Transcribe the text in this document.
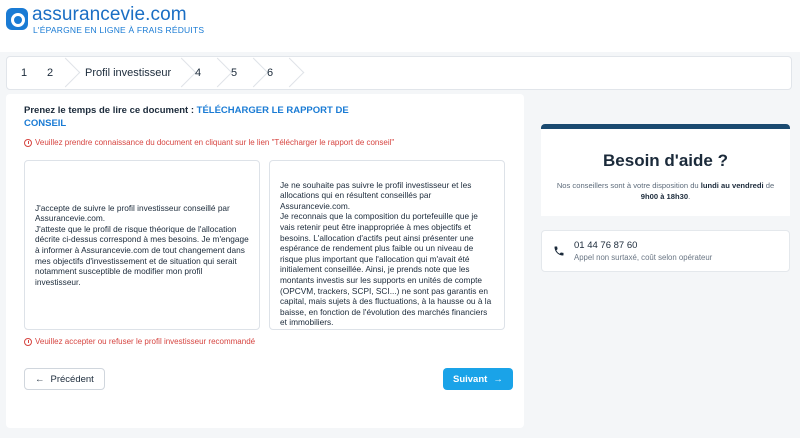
assurancevie.com
L'ÉPARGNE EN LIGNE À FRAIS RÉDUITS
1 2	Profil investisseur 4	5	6
Prenez le temps de lire ce document : TÉLÉCHARGER LE RAPPORT DE CONSEIL
Veuillez prendre connaissance du document en cliquant sur le lien "Télécharger le rapport de conseil"
J'accepte de suivre le profil investisseur conseillé par Assurancevie.com.
J'atteste que le profil de risque théorique de l'allocation décrite ci-dessus correspond à mes besoins. Je m'engage à informer à Assurancevie.com de tout changement dans mes objectifs d'investissement et de situation qui serait notamment susceptible de modifier mon profil investisseur.

Je ne souhaite pas suivre le profil investisseur et les allocations qui en résultent conseillés par Assurancevie.com.
Je reconnais que la composition du portefeuille que je vais retenir peut être inappropriée à mes objectifs et besoins. L'allocation d'actifs peut ainsi présenter une espérance de rendement plus faible ou un niveau de risque plus important que l'allocation qui m'avait été initialement conseillée. Ainsi, je prends note que les montants investis sur les supports en unités de compte (OPCVM, trackers, SCPI, SCI...) ne sont pas garantis en capital, mais sujets à des fluctuations, à la hausse ou à la baisse, en fonction de l'évolution des marchés financiers et immobiliers.

Veuillez accepter ou refuser le profil investisseur recommandé
← Précédent	Suivant →
Besoin d'aide ?
Nos conseillers sont à votre disposition du lundi au vendredi de
9h00 à 18h30.
01 44 76 87 60
Appel non surtaxé, coût selon opérateur
